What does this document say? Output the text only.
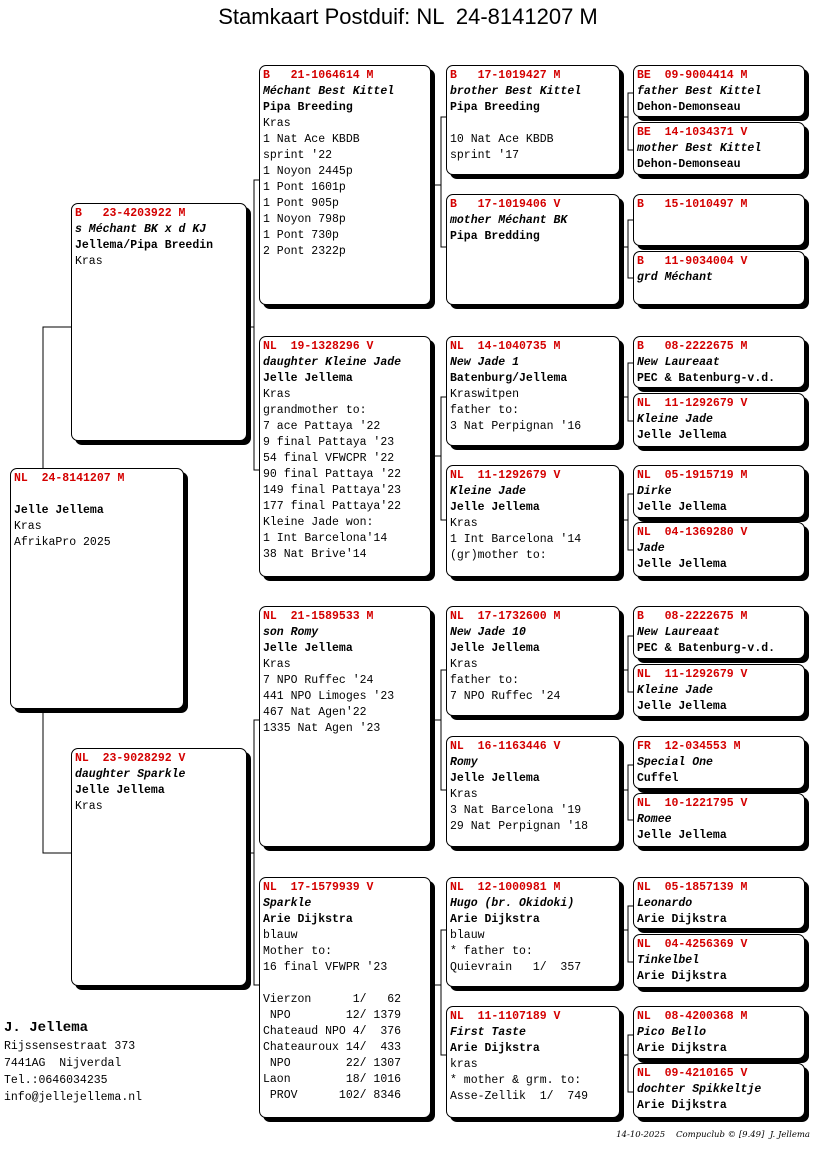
Stamkaart Postduif: NL  24-8141207 M
NL  24-8141207 M

Jelle Jellema
Kras
AfrikaPro 2025
B   23-4203922 M
s Méchant BK x d KJ
Jellema/Pipa Breedin
Kras
NL  23-9028292 V
daughter Sparkle
Jelle Jellema
Kras
B   21-1064614 M
Méchant Best Kittel
Pipa Breeding
Kras
1 Nat Ace KBDB
sprint '22
1 Noyon 2445p
1 Pont 1601p
1 Pont 905p
1 Noyon 798p
1 Pont 730p
2 Pont 2322p
NL  19-1328296 V
daughter Kleine Jade
Jelle Jellema
Kras
grandmother to:
7 ace Pattaya '22
9 final Pattaya '23
54 final VFWCPR '22
90 final Pattaya '22
149 final Pattaya'23
177 final Pattaya'22
Kleine Jade won:
1 Int Barcelona'14
38 Nat Brive'14
NL  21-1589533 M
son Romy
Jelle Jellema
Kras
7 NPO Ruffec '24
441 NPO Limoges '23
467 Nat Agen'22
1335 Nat Agen '23
NL  17-1579939 V
Sparkle
Arie Dijkstra
blauw
Mother to:
16 final VFWPR '23

Vierzon      1/   62
NPO        12/ 1379
Chateaud NPO 4/  376
Chateauroux 14/  433
NPO        22/ 1307
Laon        18/ 1016
PROV      102/ 8346
B   17-1019427 M
brother Best Kittel
Pipa Breeding

10 Nat Ace KBDB
sprint '17
B   17-1019406 V
mother Méchant BK
Pipa Bredding
NL  14-1040735 M
New Jade 1
Batenburg/Jellema
Kraswitpen
father to:
3 Nat Perpignan '16
NL  11-1292679 V
Kleine Jade
Jelle Jellema
Kras
1 Int Barcelona '14
(gr)mother to:
NL  17-1732600 M
New Jade 10
Jelle Jellema
Kras
father to:
7 NPO Ruffec '24
NL  16-1163446 V
Romy
Jelle Jellema
Kras
3 Nat Barcelona '19
29 Nat Perpignan '18
NL  12-1000981 M
Hugo (br. Okidoki)
Arie Dijkstra
blauw
* father to:
Quievrain   1/  357
NL  11-1107189 V
First Taste
Arie Dijkstra
kras
* mother & grm. to:
Asse-Zellik  1/  749
BE  09-9004414 M
father Best Kittel
Dehon-Demonseau
BE  14-1034371 V
mother Best Kittel
Dehon-Demonseau
B   15-1010497 M
B   11-9034004 V
grd Méchant
B   08-2222675 M
New Laureaat
PEC & Batenburg-v.d.
NL  11-1292679 V
Kleine Jade
Jelle Jellema
NL  05-1915719 M
Dirke
Jelle Jellema
NL  04-1369280 V
Jade
Jelle Jellema
B   08-2222675 M
New Laureaat
PEC & Batenburg-v.d.
NL  11-1292679 V
Kleine Jade
Jelle Jellema
FR  12-034553 M
Special One
Cuffel
NL  10-1221795 V
Romee
Jelle Jellema
NL  05-1857139 M
Leonardo
Arie Dijkstra
NL  04-4256369 V
Tinkelbel
Arie Dijkstra
NL  08-4200368 M
Pico Bello
Arie Dijkstra
NL  09-4210165 V
dochter Spikkeltje
Arie Dijkstra
J. Jellema
Rijssensestraat 373
7441AG  Nijverdal
Tel.:0646034235
info@jellejellema.nl
14-10-2025    Compuclub © [9.49]  J. Jellema
